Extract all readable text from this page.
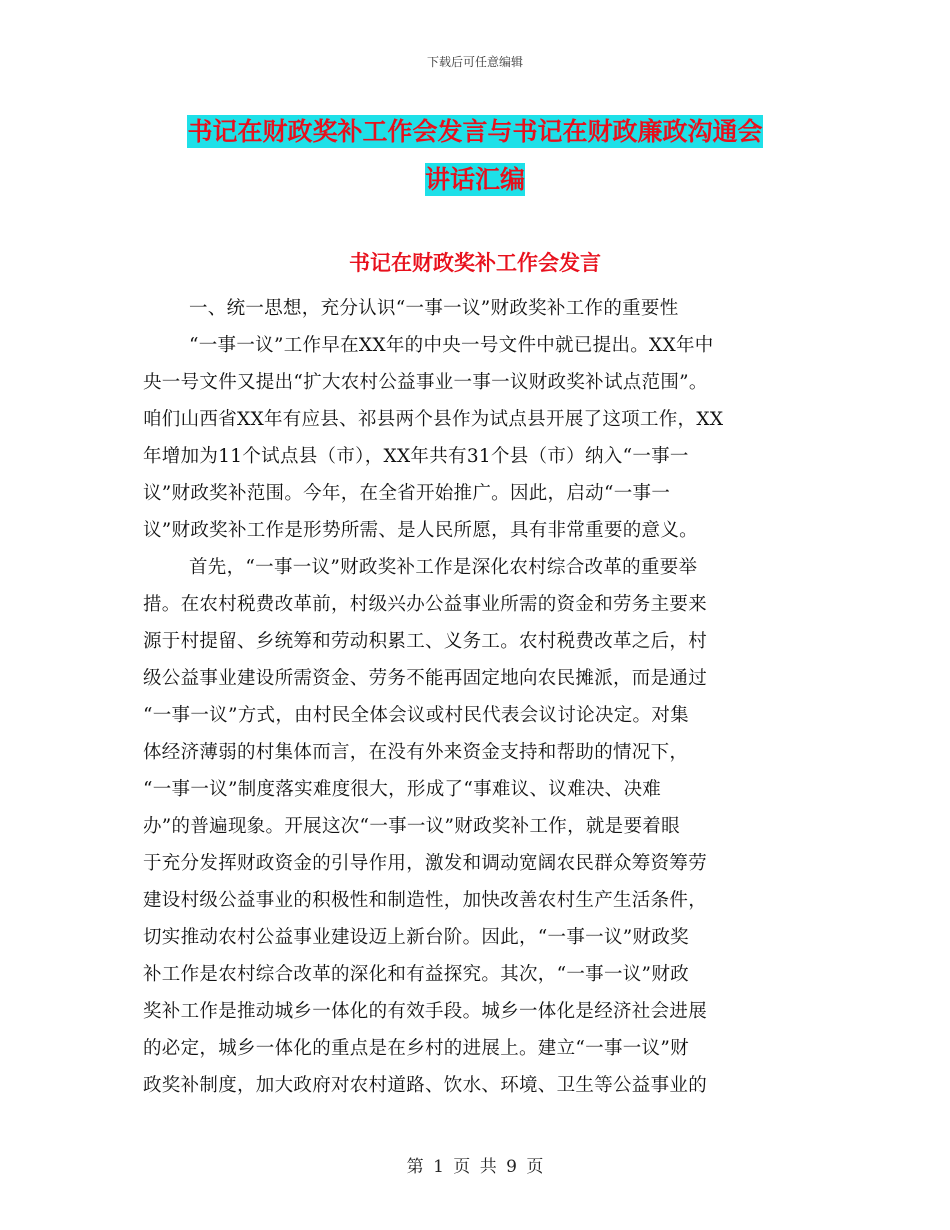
下载后可任意编辑
书记在财政奖补工作会发言与书记在财政廉政沟通会
讲话汇编
书记在财政奖补工作会发言
一、统一思想，充分认识“一事一议”财政奖补工作的重要性
“一事一议”工作早在XX年的中央一号文件中就已提出。XX年中
央一号文件又提出“扩大农村公益事业一事一议财政奖补试点范围”。
咱们山西省XX年有应县、祁县两个县作为试点县开展了这项工作，XX
年增加为11个试点县（市），XX年共有31个县（市）纳入“一事一
议”财政奖补范围。今年，在全省开始推广。因此，启动“一事一
议”财政奖补工作是形势所需、是人民所愿，具有非常重要的意义。
首先，“一事一议”财政奖补工作是深化农村综合改革的重要举
措。在农村税费改革前，村级兴办公益事业所需的资金和劳务主要来
源于村提留、乡统筹和劳动积累工、义务工。农村税费改革之后，村
级公益事业建设所需资金、劳务不能再固定地向农民摊派，而是通过
“一事一议”方式，由村民全体会议或村民代表会议讨论决定。对集
体经济薄弱的村集体而言，在没有外来资金支持和帮助的情况下，
“一事一议”制度落实难度很大，形成了“事难议、议难决、决难
办”的普遍现象。开展这次“一事一议”财政奖补工作，就是要着眼
于充分发挥财政资金的引导作用，激发和调动宽阔农民群众筹资筹劳
建设村级公益事业的积极性和制造性，加快改善农村生产生活条件，
切实推动农村公益事业建设迈上新台阶。因此，“一事一议”财政奖
补工作是农村综合改革的深化和有益探究。其次，“一事一议”财政
奖补工作是推动城乡一体化的有效手段。城乡一体化是经济社会进展
的必定，城乡一体化的重点是在乡村的进展上。建立“一事一议”财
政奖补制度，加大政府对农村道路、饮水、环境、卫生等公益事业的
第 1 页 共 9 页
